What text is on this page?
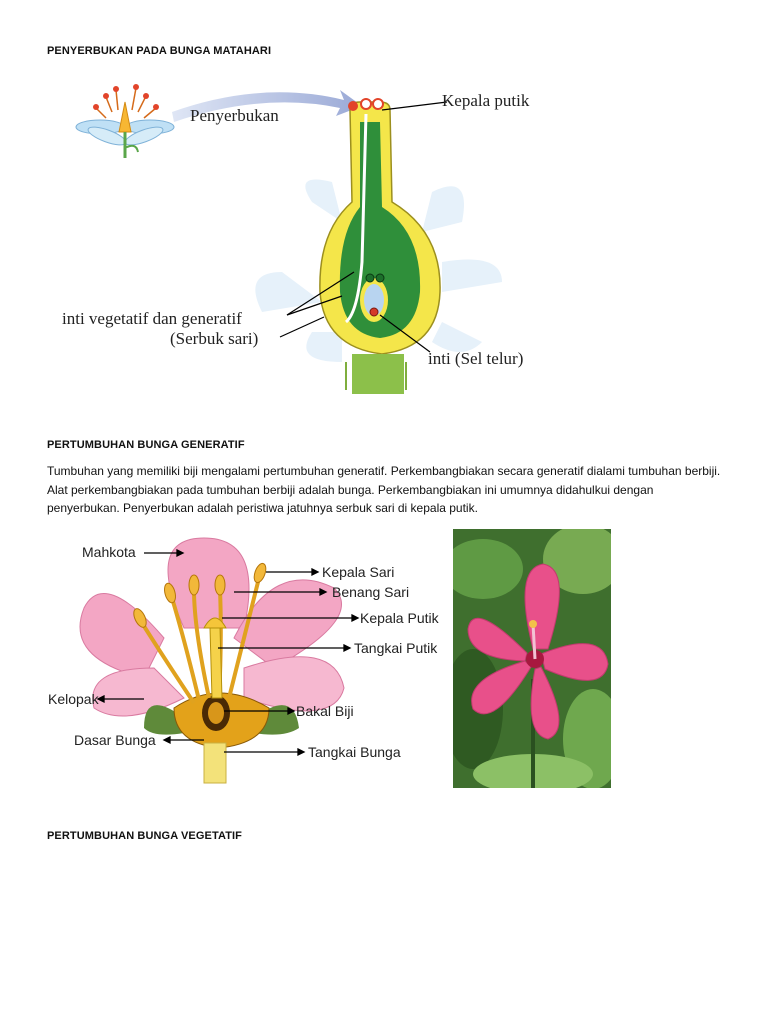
PENYERBUKAN PADA BUNGA MATAHARI
Penyerbukan
Kepala putik
inti vegetatif dan generatif
(Serbuk sari)
inti (Sel telur)
PERTUMBUHAN BUNGA GENERATIF
Tumbuhan yang memiliki biji mengalami pertumbuhan generatif. Perkembangbiakan secara generatif dialami tumbuhan berbiji. Alat perkembangbiakan pada tumbuhan berbiji adalah bunga. Perkembangbiakan ini umumnya didahulkui dengan penyerbukan. Penyerbukan adalah peristiwa jatuhnya serbuk sari di kepala putik.
Mahkota
Kepala Sari
Benang Sari
Kepala Putik
Tangkai Putik
Kelopak
Bakal Biji
Dasar Bunga
Tangkai Bunga
PERTUMBUHAN BUNGA VEGETATIF
